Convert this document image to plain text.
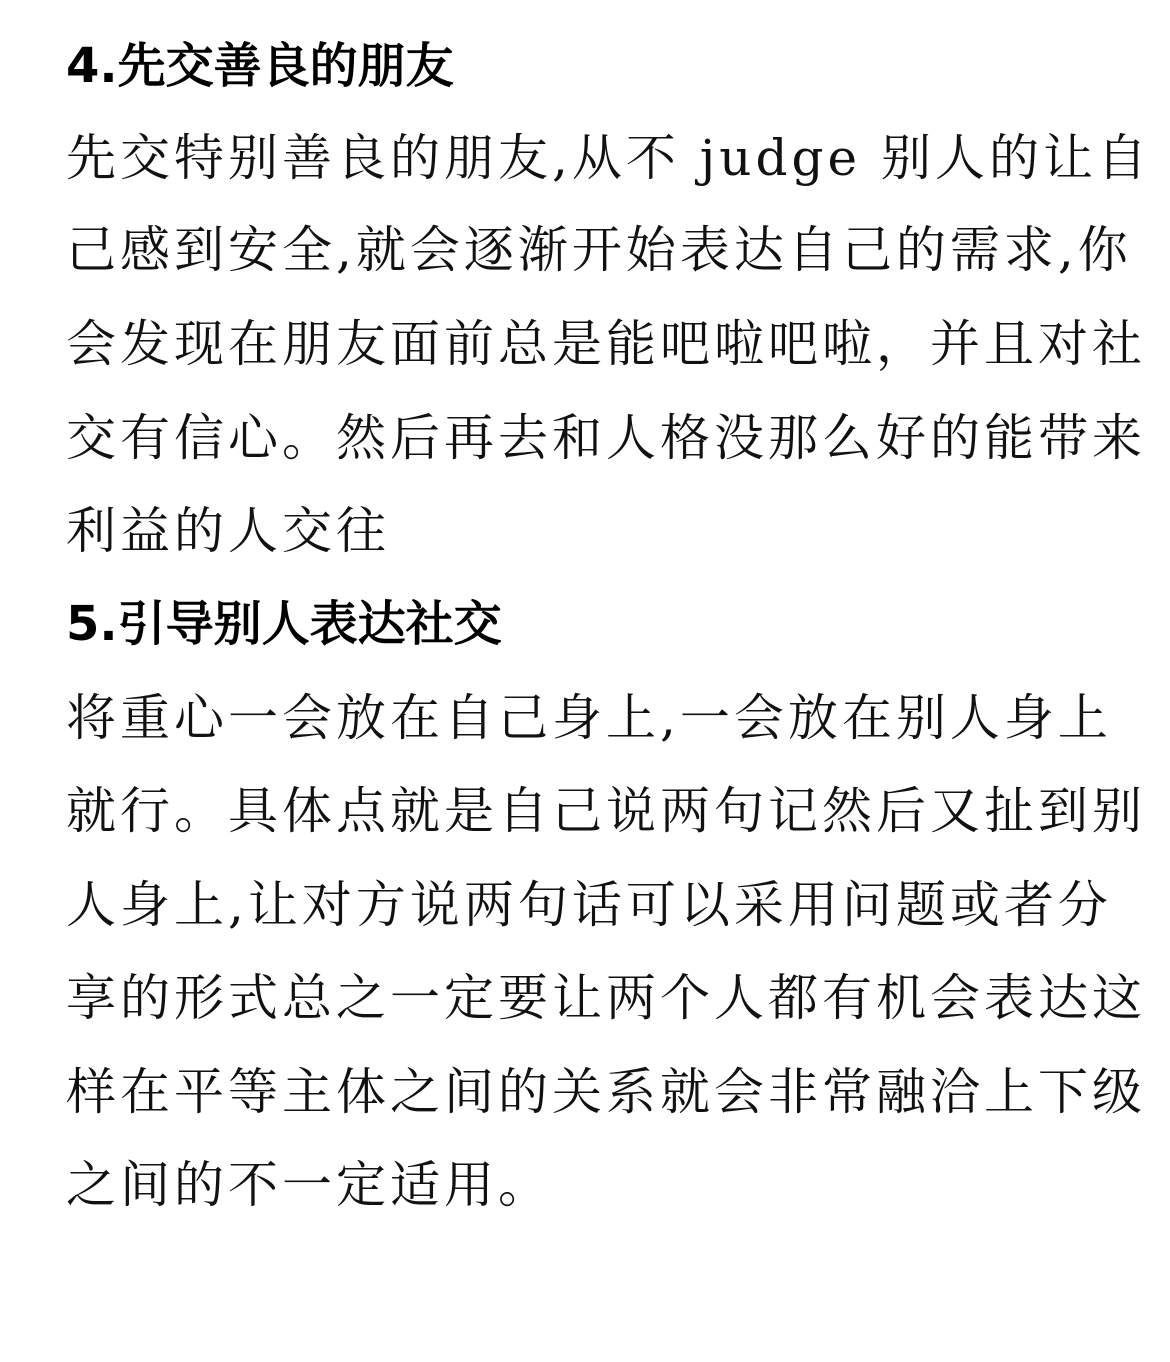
4.先交善良的朋友
先交特别善良的朋友,从不 judge 别人的让自
己感到安全,就会逐渐开始表达自己的需求,你
会发现在朋友面前总是能吧啦吧啦，并且对社
交有信心。然后再去和人格没那么好的能带来
利益的人交往
5.引导别人表达社交
将重心一会放在自己身上,一会放在别人身上
就行。具体点就是自己说两句记然后又扯到别
人身上,让对方说两句话可以采用问题或者分
享的形式总之一定要让两个人都有机会表达这
样在平等主体之间的关系就会非常融洽上下级
之间的不一定适用。
